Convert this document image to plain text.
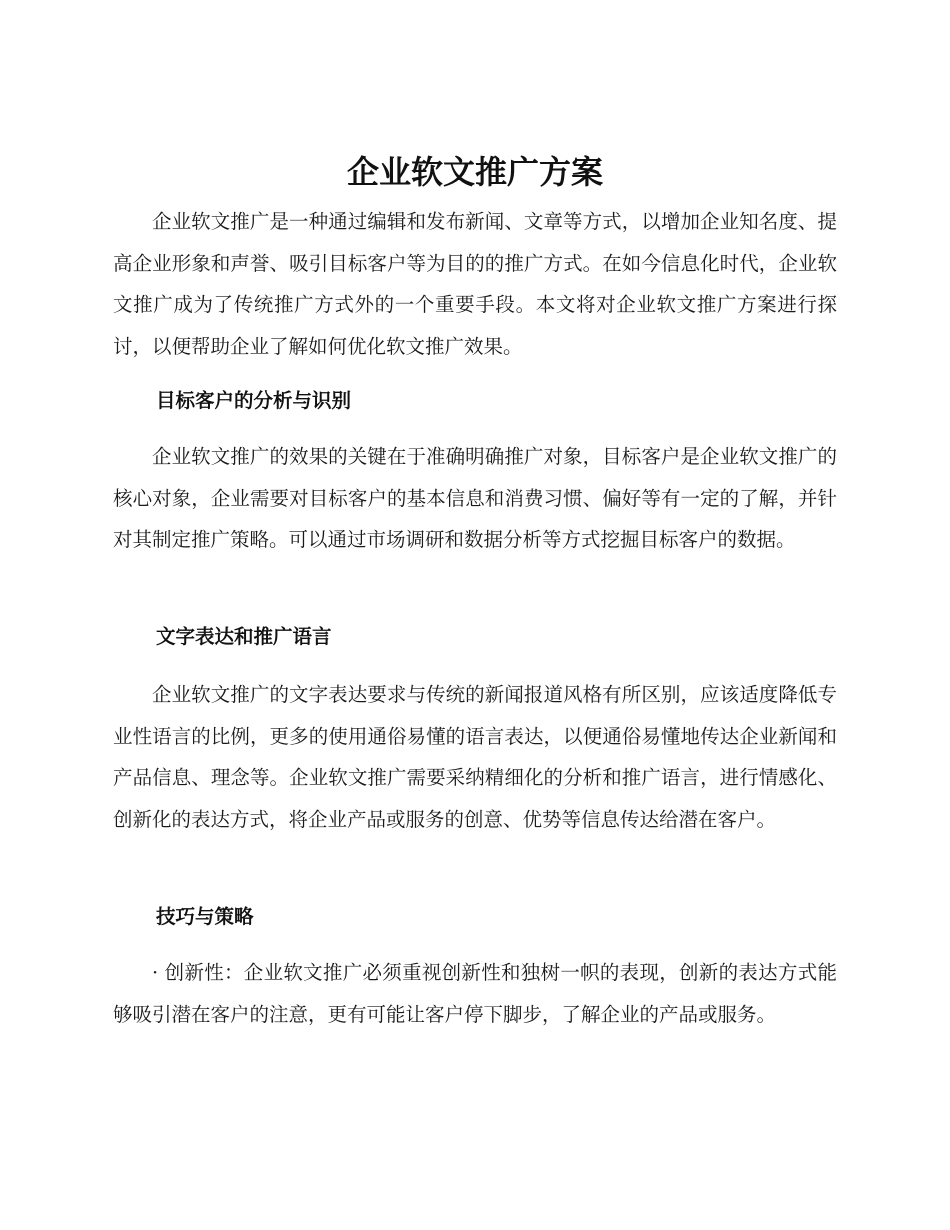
企业软文推广方案

企业软文推广是一种通过编辑和发布新闻、文章等方式，以增加企业知名度、提高企业形象和声誉、吸引目标客户等为目的的推广方式。在如今信息化时代，企业软文推广成为了传统推广方式外的一个重要手段。本文将对企业软文推广方案进行探讨，以便帮助企业了解如何优化软文推广效果。

目标客户的分析与识别

企业软文推广的效果的关键在于准确明确推广对象，目标客户是企业软文推广的核心对象，企业需要对目标客户的基本信息和消费习惯、偏好等有一定的了解，并针对其制定推广策略。可以通过市场调研和数据分析等方式挖掘目标客户的数据。

文字表达和推广语言

企业软文推广的文字表达要求与传统的新闻报道风格有所区别，应该适度降低专业性语言的比例，更多的使用通俗易懂的语言表达，以便通俗易懂地传达企业新闻和产品信息、理念等。企业软文推广需要采纳精细化的分析和推广语言，进行情感化、创新化的表达方式，将企业产品或服务的创意、优势等信息传达给潜在客户。

技巧与策略

· 创新性：企业软文推广必须重视创新性和独树一帜的表现，创新的表达方式能够吸引潜在客户的注意，更有可能让客户停下脚步，了解企业的产品或服务。
